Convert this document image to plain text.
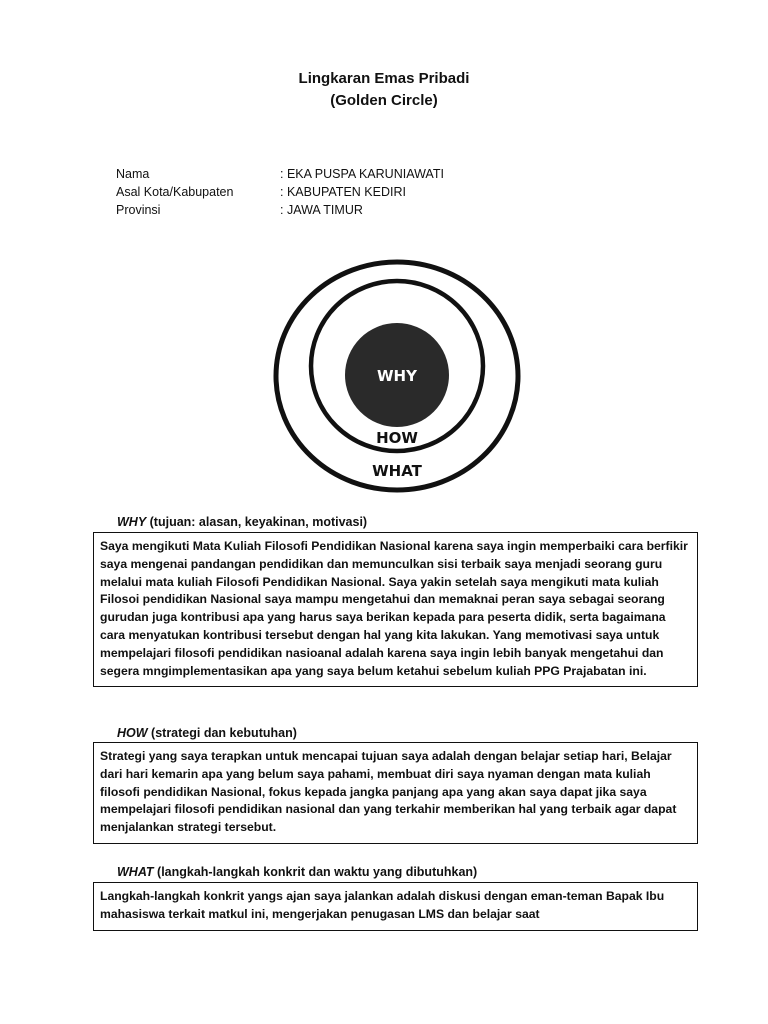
Lingkaran Emas Pribadi
(Golden Circle)
Nama	: EKA PUSPA KARUNIAWATI
Asal Kota/Kabupaten	: KABUPATEN KEDIRI
Provinsi	: JAWA TIMUR
WHY
HOW
WHAT
WHY (tujuan: alasan, keyakinan, motivasi)

Saya mengikuti Mata Kuliah Filosofi Pendidikan Nasional karena saya ingin memperbaiki cara berfikir saya mengenai pandangan pendidikan dan memunculkan sisi terbaik saya menjadi seorang guru melalui mata kuliah Filosofi Pendidikan Nasional. Saya yakin setelah saya mengikuti mata kuliah Filosoi pendidikan Nasional saya mampu mengetahui dan memaknai peran saya sebagai seorang gurudan juga kontribusi apa yang harus saya berikan kepada para peserta didik, serta bagaimana cara menyatukan kontribusi tersebut dengan hal yang kita lakukan. Yang memotivasi saya untuk mempelajari filosofi pendidikan nasioanal adalah karena saya ingin lebih banyak mengetahui dan segera mngimplementasikan apa yang saya belum ketahui sebelum kuliah PPG Prajabatan ini.

HOW (strategi dan kebutuhan)

Strategi yang saya terapkan untuk mencapai tujuan saya adalah dengan belajar setiap hari, Belajar dari hari kemarin apa yang belum saya pahami, membuat diri saya nyaman dengan mata kuliah filosofi pendidikan Nasional, fokus kepada jangka panjang apa yang akan saya dapat jika saya mempelajari filosofi pendidikan nasional dan yang terkahir memberikan hal yang terbaik agar dapat menjalankan strategi tersebut.

WHAT (langkah-langkah konkrit dan waktu yang dibutuhkan)

Langkah-langkah konkrit yangs ajan saya jalankan adalah diskusi dengan eman-teman Bapak Ibu mahasiswa terkait matkul ini, mengerjakan penugasan LMS dan belajar saat
